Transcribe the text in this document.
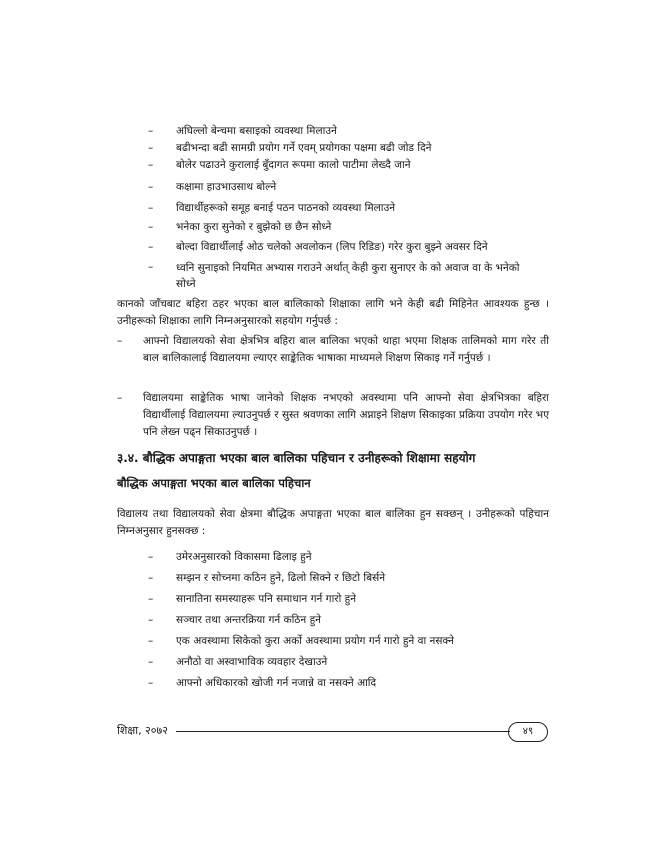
– अघिल्लो बेन्चमा बसाइको व्यवस्था मिलाउने
– बढीभन्दा बढी सामग्री प्रयोग गर्ने एवम् प्रयोगका पक्षमा बढी जोड दिने
– बोलेर पढाउने कुरालाई बुँदागत रूपमा कालो पाटीमा लेख्दै जाने
– कक्षामा हाउभाउसाथ बोल्ने
– विद्यार्थीहरूको समूह बनाई पठन पाठनको व्यवस्था मिलाउने
– भनेका कुरा सुनेको र बुझेको छ छैन सोध्ने
– बोल्दा विद्यार्थीलाई ओठ चलेको अवलोकन (लिप रिडिङ) गरेर कुरा बुझ्ने अवसर दिने
– ध्वनि सुनाइको नियमित अभ्यास गराउने अर्थात् केही कुरा सुनाएर के को अवाज वा के भनेको सोध्ने
कानको जाँचबाट बहिरा ठहर भएका बाल बालिकाको शिक्षाका लागि भने केही बढी मिहिनेत आवश्यक हुन्छ । उनीहरूको शिक्षाका लागि निम्नअनुसारको सहयोग गर्नुपर्छ :
– आफ्नो विद्यालयको सेवा क्षेत्रभित्र बहिरा बाल बालिका भएको थाहा भएमा शिक्षक तालिमको माग गरेर ती बाल बालिकालाई विद्यालयमा ल्याएर साङ्केतिक भाषाका माध्यमले शिक्षण सिकाइ गर्ने गर्नुपर्छ ।
– विद्यालयमा साङ्केतिक भाषा जानेको शिक्षक नभएको अवस्थामा पनि आफ्नो सेवा क्षेत्रभित्रका बहिरा विद्यार्थीलाई विद्यालयमा ल्याउनुपर्छ र सुस्त श्रवणका लागि अप्नाइने शिक्षण सिकाइका प्रक्रिया उपयोग गरेर भए पनि लेख्न पढ्न सिकाउनुपर्छ ।
३.४. बौद्धिक अपाङ्गता भएका बाल बालिका पहिचान र उनीहरूको शिक्षामा सहयोग
बौद्धिक अपाङ्गता भएका बाल बालिका पहिचान
विद्यालय तथा विद्यालयको सेवा क्षेत्रमा बौद्धिक अपाङ्गता भएका बाल बालिका हुन सक्छन् । उनीहरूको पहिचान निम्नअनुसार हुनसक्छ :
– उमेरअनुसारको विकासमा ढिलाइ हुने
– सम्झन र सोच्नमा कठिन हुने, ढिलो सिक्ने र छिटो बिर्सने
– सानातिना समस्याहरू पनि समाधान गर्न गारो हुने
– सञ्चार तथा अन्तरक्रिया गर्न कठिन हुने
– एक अवस्थामा सिकेको कुरा अर्को अवस्थामा प्रयोग गर्न गारो हुने वा नसक्ने
– अनौठो वा अस्वाभाविक व्यवहार देखाउने
– आफ्नो अधिकारको खोजी गर्न नजान्ने वा नसक्ने आदि
शिक्षा, २०७२	४९
